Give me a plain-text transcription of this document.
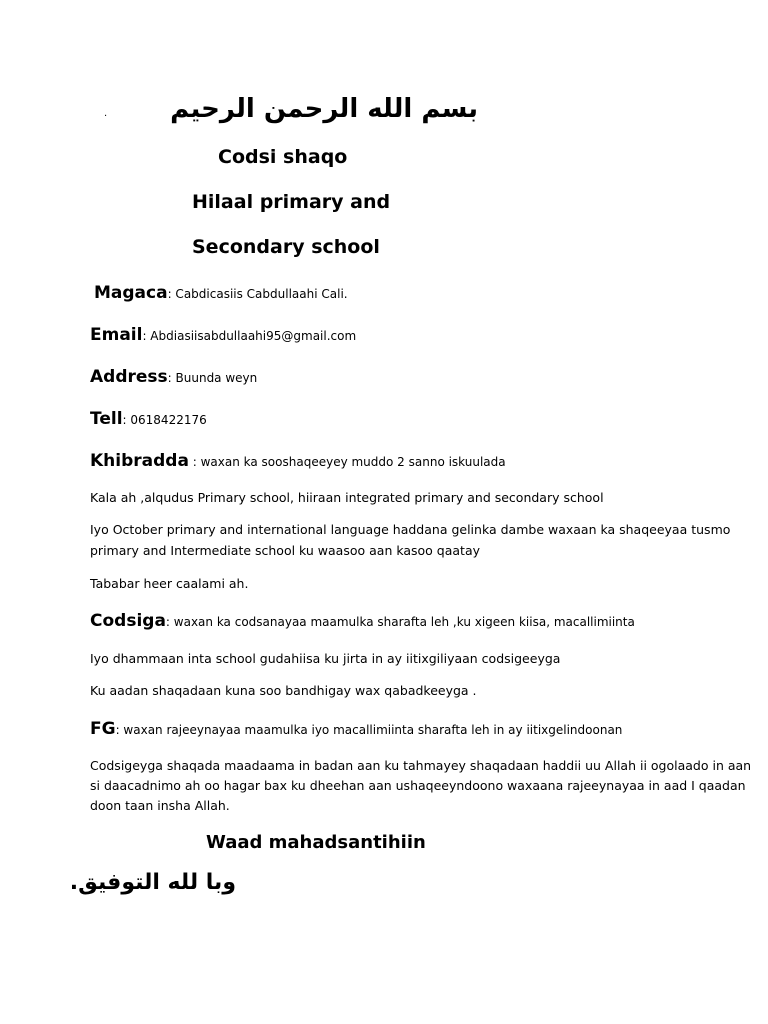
. بسم الله الرحمن الرحيم
Codsi shaqo
Hilaal primary and
Secondary school
Magaca: Cabdicasiis Cabdullaahi Cali.
Email: Abdiasiisabdullaahi95@gmail.com
Address: Buunda weyn
Tell: 0618422176
Khibradda : waxan ka sooshaqeeyey muddo 2 sanno iskuulada
Kala ah ,alqudus Primary school, hiiraan integrated primary and secondary school
Iyo October primary and international language haddana gelinka dambe waxaan ka shaqeeyaa tusmo
primary and Intermediate school ku waasoo aan kasoo qaatay
Tababar heer caalami ah.
Codsiga: waxan ka codsanayaa maamulka sharafta leh ,ku xigeen kiisa, macallimiinta
Iyo dhammaan inta school gudahiisa ku jirta in ay iitixgiliyaan codsigeeyga
Ku aadan shaqadaan kuna soo bandhigay wax qabadkeeyga .
FG: waxan rajeeynayaa maamulka iyo macallimiinta sharafta leh in ay iitixgelindoonan
Codsigeyga shaqada maadaama in badan aan ku tahmayey shaqadaan haddii uu Allah ii ogolaado in aan
si daacadnimo ah oo hagar bax ku dheehan aan ushaqeeyndoono waxaana rajeeynayaa in aad I qaadan
doon taan insha Allah.
Waad mahadsantihiin
وبا لله التوفيق.
